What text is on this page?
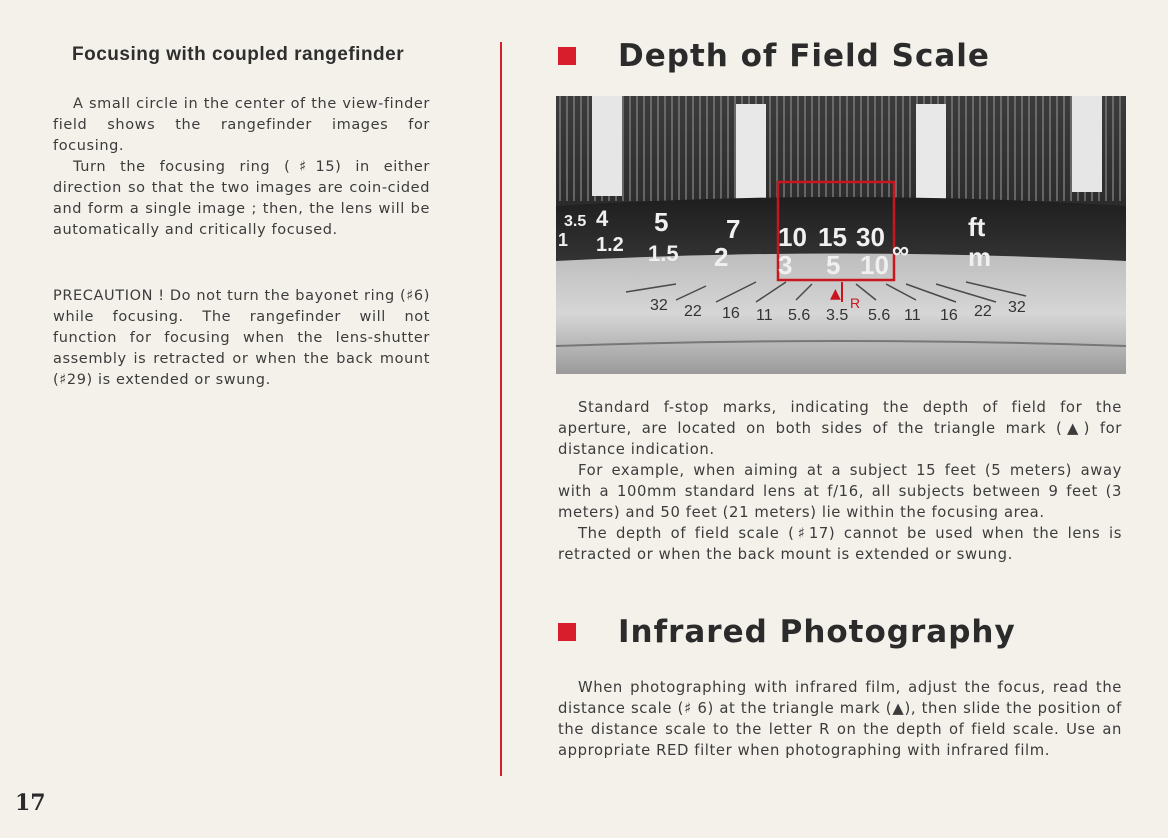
Focusing with coupled rangefinder

A small circle in the center of the view-finder field shows the rangefinder images for focusing.

Turn the focusing ring (♯15) in either direction so that the two images are coin-cided and form a single image ; then, the lens will be automatically and critically focused.

PRECAUTION ! Do not turn the bayonet ring (♯6) while focusing. The rangefinder will not function for focusing when the lens-shutter assembly is retracted or when the back mount (♯29) is extended or swung.

17
Depth of Field Scale
3.5 4 5 7 10 15 30 ∞
ft
1 1.2 1.5 2 3 5 10	m
32 22 16 11 5.6 3.5 5.6 11 16 22 32
▲
R

Standard f-stop marks, indicating the depth of field for the aperture, are located on both sides of the triangle mark (▲) for distance indication.

For example, when aiming at a subject 15 feet (5 meters) away with a 100mm standard lens at f/16, all subjects between 9 feet (3 meters) and 50 feet (21 meters) lie within the focusing area.

The depth of field scale (♯17) cannot be used when the lens is retracted or when the back mount is extended or swung.

Infrared Photography

When photographing with infrared film, adjust the focus, read the distance scale (♯ 6) at the triangle mark (▲), then slide the position of the distance scale to the letter R on the depth of field scale. Use an appropriate RED filter when photographing with infrared film.
